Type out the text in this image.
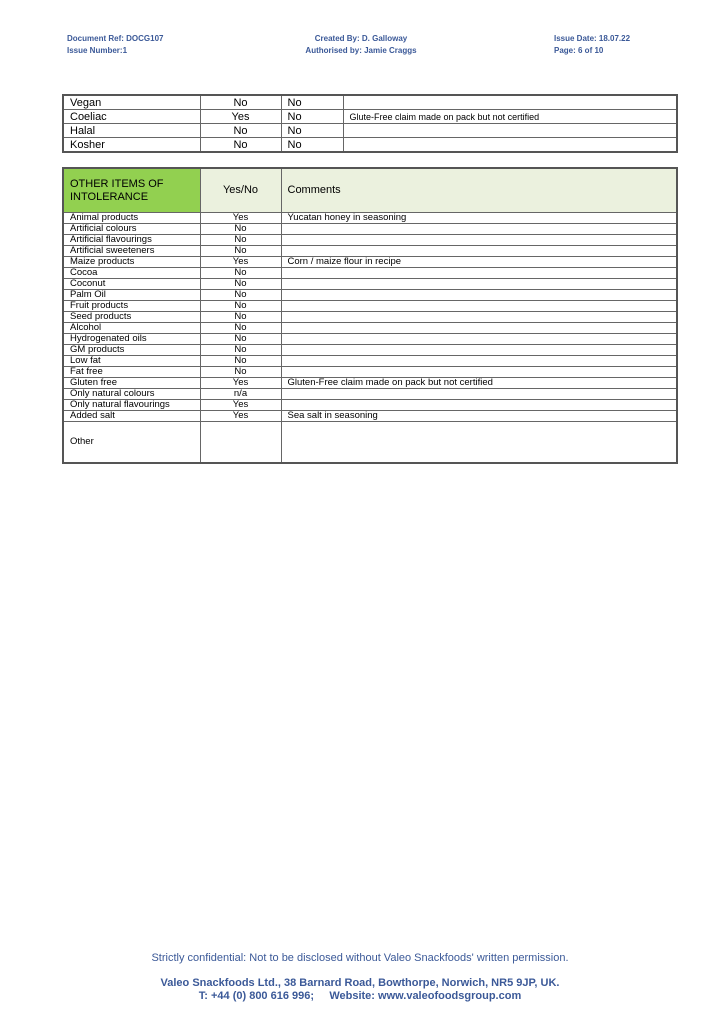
Document Ref: DOCG107
Issue Number:1
Created By: D. Galloway
Authorised by: Jamie Craggs
Issue Date: 18.07.22
Page: 6 of 10
Vegan	No	No	
Coeliac	Yes	No	Glute-Free claim made on pack but not certified
Halal	No	No	
Kosher	No	No	
OTHER ITEMS OF INTOLERANCE	Yes/No	Comments
Animal products	Yes	Yucatan honey in seasoning
Artificial colours	No	
Artificial flavourings	No	
Artificial sweeteners	No	
Maize products	Yes	Corn / maize flour in recipe
Cocoa	No	
Coconut	No	
Palm Oil	No	
Fruit products	No	
Seed products	No	
Alcohol	No	
Hydrogenated oils	No	
GM products	No	
Low fat	No	
Fat free	No	
Gluten free	Yes	Gluten-Free claim made on pack but not certified
Only natural colours	n/a	
Only natural flavourings	Yes	
Added salt	Yes	Sea salt in seasoning
Other		
Strictly confidential: Not to be disclosed without Valeo Snackfoods' written permission.
Valeo Snackfoods Ltd., 38 Barnard Road, Bowthorpe, Norwich, NR5 9JP, UK.
T: +44 (0) 800 616 996;     Website: www.valeofoodsgroup.com
